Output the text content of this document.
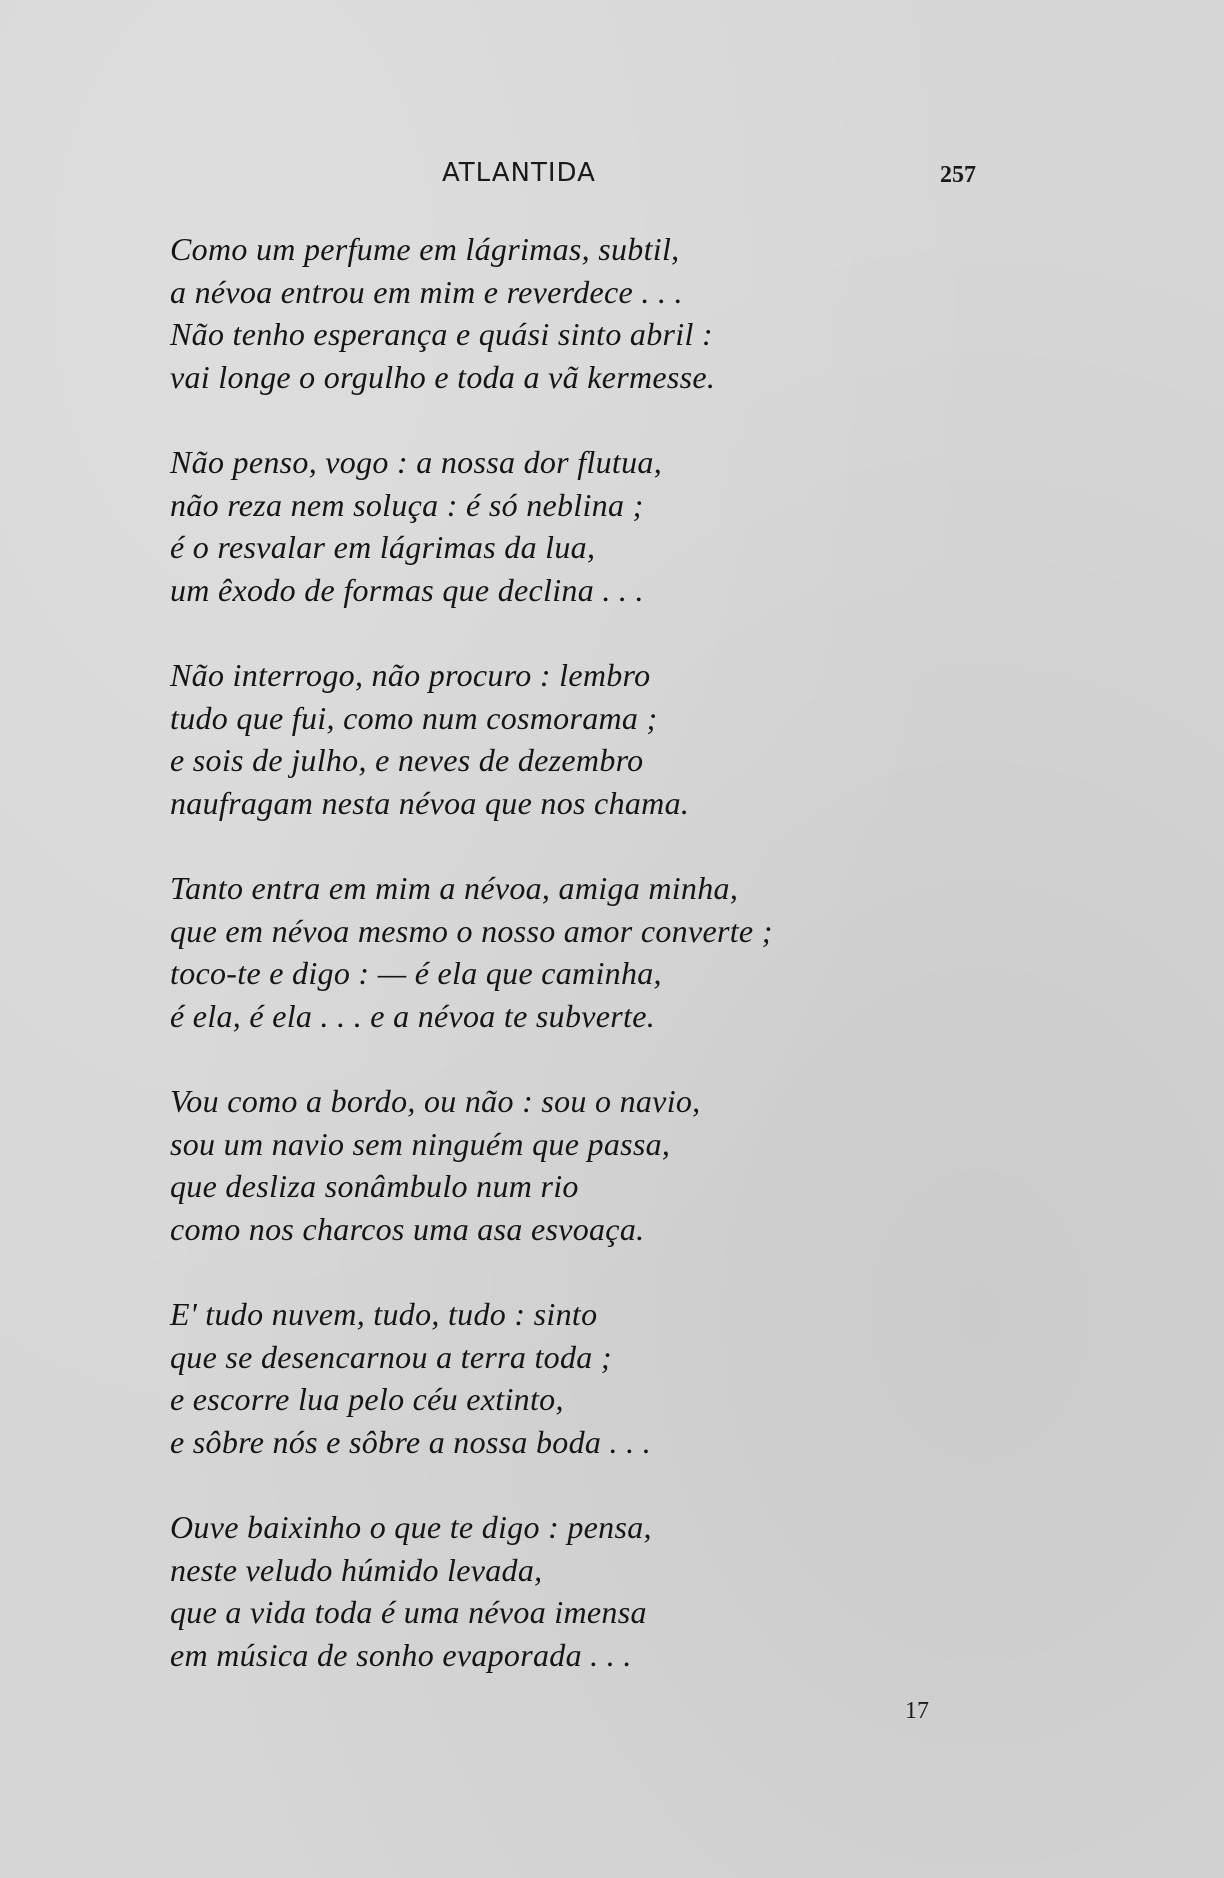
ATLANTIDA	257
Como um perfume em lágrimas, subtil,
a névoa entrou em mim e reverdece . . .
Não tenho esperança e quási sinto abril :
vai longe o orgulho e toda a vã kermesse.
Não penso, vogo : a nossa dor flutua,
não reza nem soluça : é só neblina ;
é o resvalar em lágrimas da lua,
um êxodo de formas que declina . . .
Não interrogo, não procuro : lembro
tudo que fui, como num cosmorama ;
e sois de julho, e neves de dezembro
naufragam nesta névoa que nos chama.
Tanto entra em mim a névoa, amiga minha,
que em névoa mesmo o nosso amor converte ;
toco-te e digo : — é ela que caminha,
é ela, é ela . . . e a névoa te subverte.
Vou como a bordo, ou não : sou o navio,
sou um navio sem ninguém que passa,
que desliza sonâmbulo num rio
como nos charcos uma asa esvoaça.
E' tudo nuvem, tudo, tudo : sinto
que se desencarnou a terra toda ;
e escorre lua pelo céu extinto,
e sôbre nós e sôbre a nossa boda . . .
Ouve baixinho o que te digo : pensa,
neste veludo húmido levada,
que a vida toda é uma névoa imensa
em música de sonho evaporada . . .
17
